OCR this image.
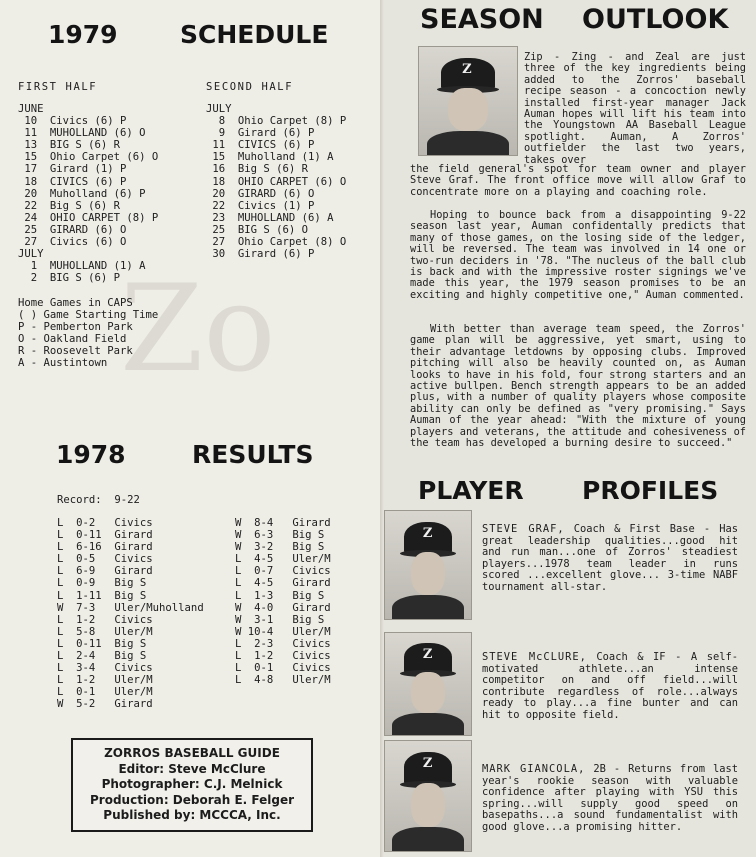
Zo
1979 SCHEDULE
FIRST HALF	SECOND HALF
JUNE
10  Civics (6) P
11  MUHOLLAND (6) O
13  BIG S (6) R
15  Ohio Carpet (6) O
17  Girard (1) P
18  CIVICS (6) P
20  Muholland (6) P
22  Big S (6) R
24  OHIO CARPET (8) P
25  GIRARD (6) O
27  Civics (6) O
JULY
1  MUHOLLAND (1) A
2  BIG S (6) P
JULY
8  Ohio Carpet (8) P
9  Girard (6) P
11  CIVICS (6) P
15  Muholland (1) A
16  Big S (6) R
18  OHIO CARPET (6) O
20  GIRARD (6) O
22  Civics (1) P
23  MUHOLLAND (6) A
25  BIG S (6) O
27  Ohio Carpet (8) O
30  Girard (6) P
Home Games in CAPS
( ) Game Starting Time
P - Pemberton Park
O - Oakland Field
R - Roosevelt Park
A - Austintown
1978	RESULTS
Record:  9-22
L  0-2   Civics
L  0-11  Girard
L  6-16  Girard
L  0-5   Civics
L  6-9   Girard
L  0-9   Big S
L  1-11  Big S
W  7-3   Uler/Muholland
L  1-2   Civics
L  5-8   Uler/M
L  0-11  Big S
L  2-4   Big S
L  3-4   Civics
L  1-2   Uler/M
L  0-1   Uler/M
W  5-2   Girard
W  8-4   Girard
W  6-3   Big S
W  3-2   Big S
L  4-5   Uler/M
L  0-7   Civics
L  4-5   Girard
L  1-3   Big S
W  4-0   Girard
W  3-1   Big S
W 10-4   Uler/M
L  2-3   Civics
L  1-2   Civics
L  0-1   Civics
L  4-8   Uler/M
ZORROS BASEBALL GUIDE
Editor: Steve McClure
Photographer: C.J. Melnick
Production: Deborah E. Felger
Published by: MCCCA, Inc.
SEASON OUTLOOK
Z
Zip - Zing - and Zeal are just three of the key ingredients being added to the Zorros' baseball recipe season - a concoction newly installed first-year manager Jack Auman hopes will lift his team into the Youngstown AA Baseball League spotlight. Auman, A Zorros' outfielder the last two years, takes over
the field general's spot for team owner and player Steve Graf. The front office move will allow Graf to concentrate more on a playing and coaching role.
Hoping to bounce back from a disappointing 9-22 season last year, Auman confidentally predicts that many of those games, on the losing side of the ledger, will be reversed. The team was involved in 14 one or two-run deciders in '78. "The nucleus of the ball club is back and with the impressive roster signings we've made this year, the 1979 season promises to be an exciting and highly competitive one," Auman commented.
With better than average team speed, the Zorros' game plan will be aggressive, yet smart, using to their advantage letdowns by opposing clubs. Improved pitching will also be heavily counted on, as Auman looks to have in his fold, four strong starters and an active bullpen. Bench strength appears to be an added plus, with a number of quality players whose composite ability can only be defined as "very promising." Says Auman of the year ahead: "With the mixture of young players and veterans, the attitude and cohesiveness of the team has developed a burning desire to succeed."
PLAYER PROFILES
Z
Z
Z
STEVE GRAF, Coach & First Base - Has great leadership qualities...good hit and run man...one of Zorros' steadiest players...1978 team leader in runs scored ...excellent glove... 3-time NABF tournament all-star.
STEVE McCLURE, Coach & IF - A self-motivated athlete...an intense competitor on and off field...will contribute regardless of role...always ready to play...a fine bunter and can hit to opposite field.
MARK GIANCOLA, 2B - Returns from last year's rookie season with valuable confidence after playing with YSU this spring...will supply good speed on basepaths...a sound fundamentalist with good glove...a promising hitter.
